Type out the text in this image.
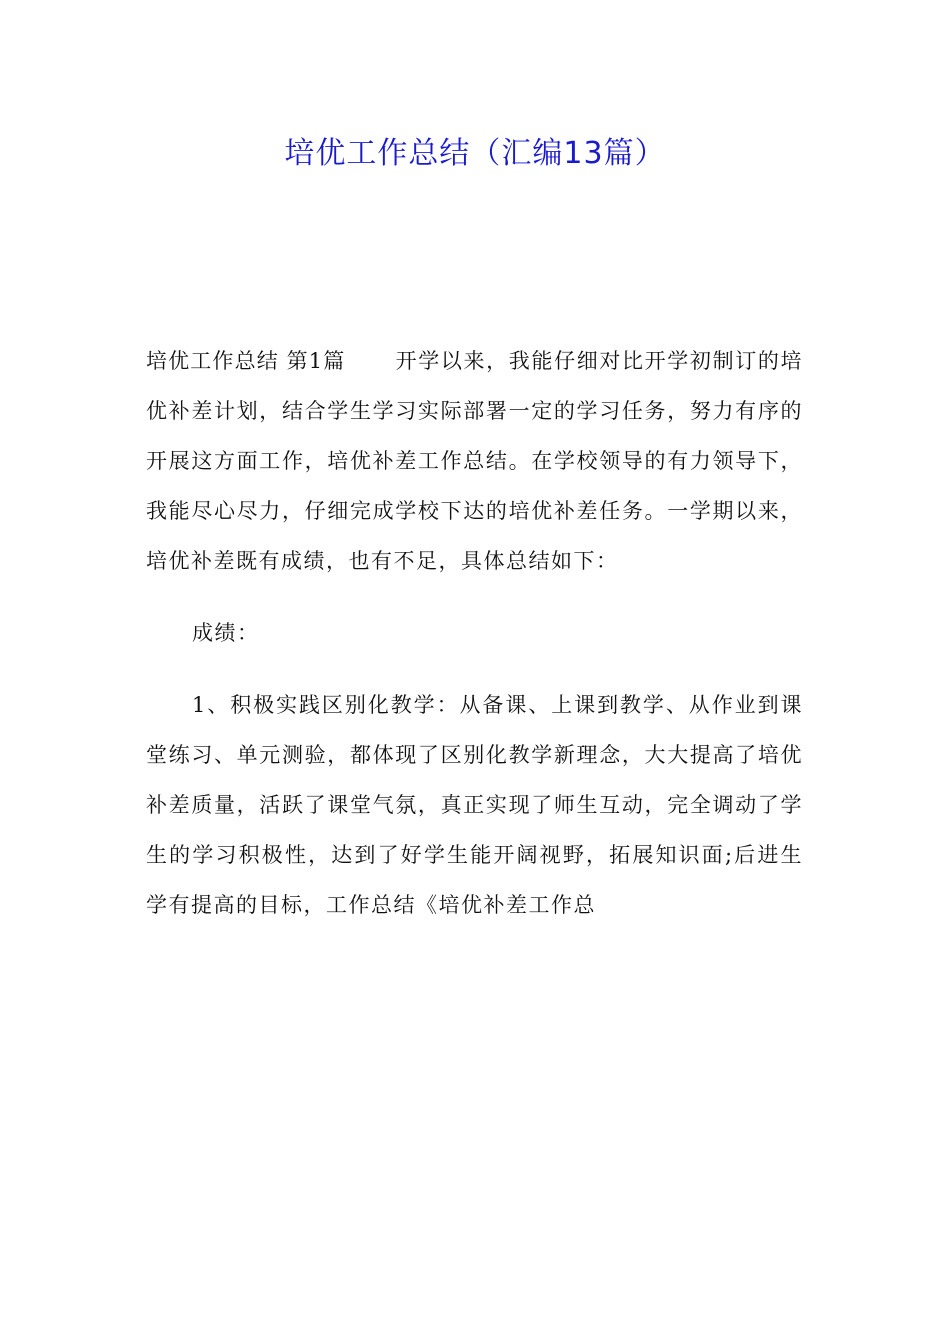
培优工作总结（汇编13篇）

培优工作总结 第1篇 开学以来，我能仔细对比开学初制订的培优补差计划，结合学生学习实际部署一定的学习任务，努力有序的开展这方面工作，培优补差工作总结。在学校领导的有力领导下，我能尽心尽力，仔细完成学校下达的培优补差任务。一学期以来，培优补差既有成绩，也有不足，具体总结如下：

成绩：

1、积极实践区别化教学：从备课、上课到教学、从作业到课堂练习、单元测验，都体现了区别化教学新理念，大大提高了培优补差质量，活跃了课堂气氛，真正实现了师生互动，完全调动了学生的学习积极性，达到了好学生能开阔视野，拓展知识面;后进生学有提高的目标，工作总结《培优补差工作总
